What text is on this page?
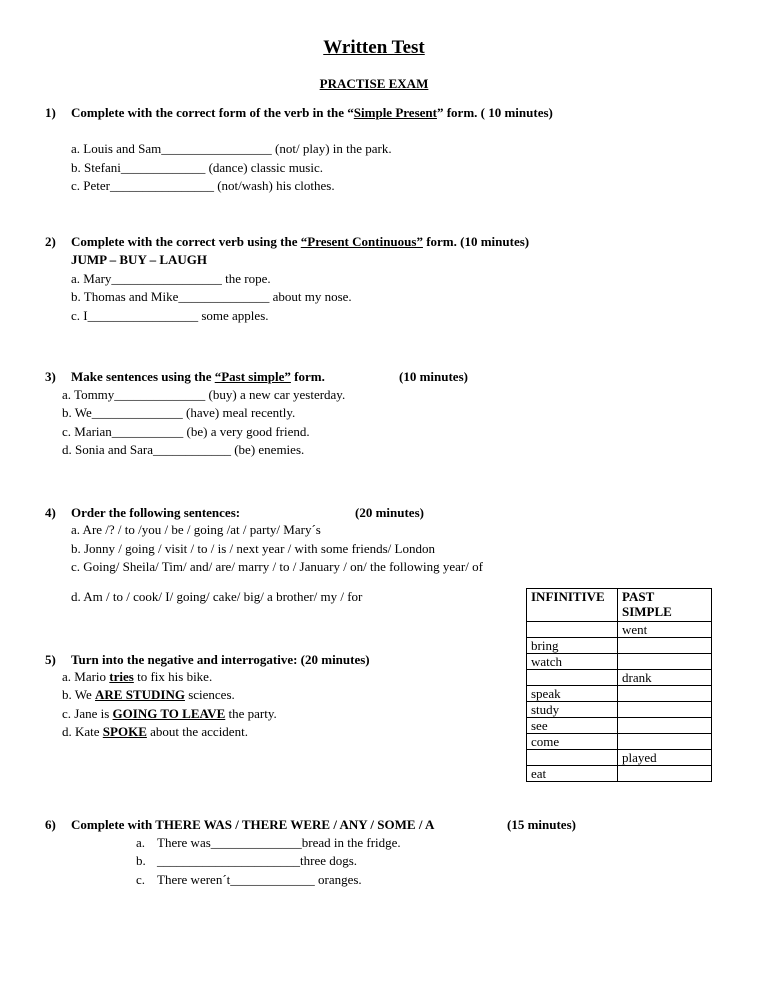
Written Test
PRACTISE EXAM
1) Complete with the correct form of the verb in the “Simple Present” form. ( 10 minutes)
a. Louis and Sam_________________ (not/ play) in the park.
b. Stefani_____________ (dance) classic music.
c. Peter________________ (not/wash) his clothes.
2) Complete with the correct verb using the “Present Continuous” form. (10 minutes)
JUMP – BUY – LAUGH
a. Mary_________________ the rope.
b. Thomas and Mike______________ about my nose.
c. I_________________ some apples.
3) Make sentences using the “Past simple” form.	(10 minutes)
a. Tommy______________ (buy) a new car yesterday.
b. We______________ (have) meal recently.
c. Marian___________ (be) a very good friend.
d. Sonia and Sara____________ (be) enemies.
4) Order the following sentences:	(20 minutes)
a. Are /? / to /you / be / going /at / party/ Mary´s
b. Jonny / going / visit / to / is / next year / with some friends/ London
c. Going/ Sheila/ Tim/ and/ are/ marry / to / January / on/ the following year/ of
d. Am / to / cook/ I/ going/ cake/ big/ a brother/ my / for
5) Turn into the negative and interrogative: (20 minutes)
a. Mario tries to fix his bike.
b. We ARE STUDING sciences.
c. Jane is GOING TO LEAVE the party.
d. Kate SPOKE about the accident.
INFINITIVE	PAST SIMPLE
	went
bring	
watch	
	drank
speak	
study	
see	
come	
	played
eat	
6) Complete with THERE WAS / THERE WERE / ANY / SOME / A	(15 minutes)
a. There was______________bread in the fridge.
b. ______________________three dogs.
c. There weren´t_____________ oranges.
